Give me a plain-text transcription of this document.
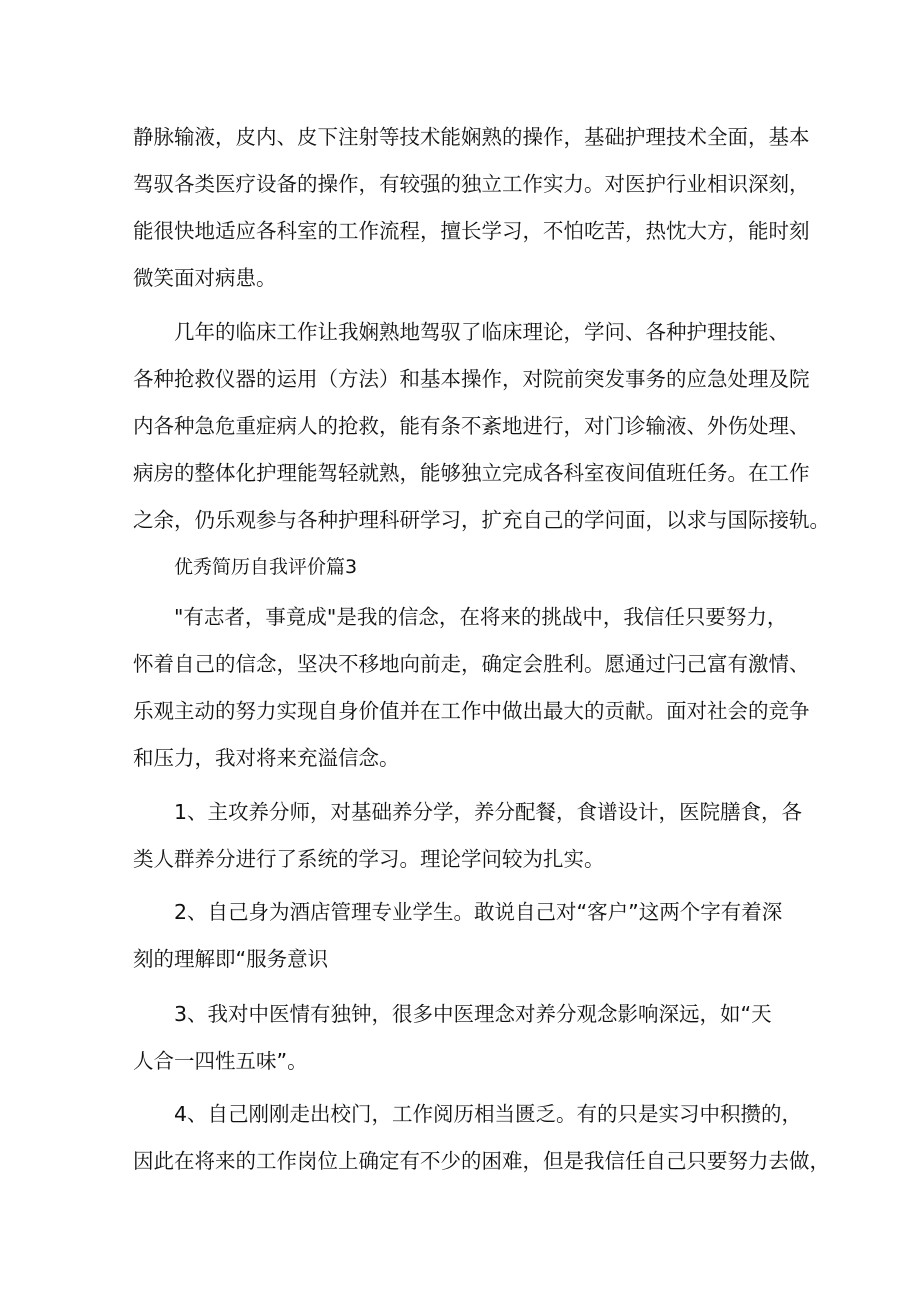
静脉输液，皮内、皮下注射等技术能娴熟的操作，基础护理技术全面，基本
驾驭各类医疗设备的操作，有较强的独立工作实力。对医护行业相识深刻，
能很快地适应各科室的工作流程，擅长学习，不怕吃苦，热忱大方，能时刻
微笑面对病患。
几年的临床工作让我娴熟地驾驭了临床理论，学问、各种护理技能、
各种抢救仪器的运用（方法）和基本操作，对院前突发事务的应急处理及院
内各种急危重症病人的抢救，能有条不紊地进行，对门诊输液、外伤处理、
病房的整体化护理能驾轻就熟，能够独立完成各科室夜间值班任务。在工作
之余，仍乐观参与各种护理科研学习，扩充自己的学问面，以求与国际接轨。
优秀简历自我评价篇3
"有志者，事竟成"是我的信念，在将来的挑战中，我信任只要努力，
怀着自己的信念，坚决不移地向前走，确定会胜利。愿通过闩己富有激情、
乐观主动的努力实现自身价值并在工作中做出最大的贡献。面对社会的竞争
和压力，我对将来充溢信念。
1、主攻养分师，对基础养分学，养分配餐，食谱设计，医院膳食，各
类人群养分进行了系统的学习。理论学问较为扎实。
2、自己身为酒店管理专业学生。敢说自己对“客户”这两个字有着深
刻的理解即“服务意识
3、我对中医情有独钟，很多中医理念对养分观念影响深远，如“天
人合一四性五味”。
4、自己刚刚走出校门，工作阅历相当匮乏。有的只是实习中积攒的，
因此在将来的工作岗位上确定有不少的困难，但是我信任自己只要努力去做，
